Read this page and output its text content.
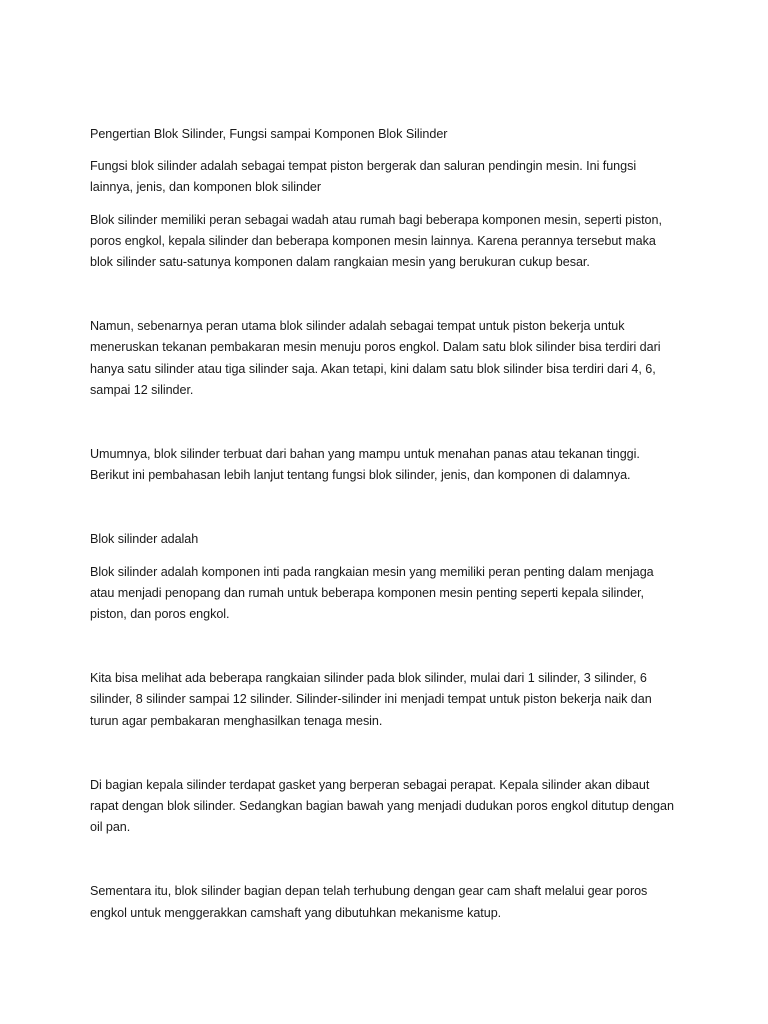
Pengertian Blok Silinder, Fungsi sampai Komponen Blok Silinder

Fungsi blok silinder adalah sebagai tempat piston bergerak dan saluran pendingin mesin. Ini fungsi lainnya, jenis, dan komponen blok silinder

Blok silinder memiliki peran sebagai wadah atau rumah bagi beberapa komponen mesin, seperti piston, poros engkol, kepala silinder dan beberapa komponen mesin lainnya. Karena perannya tersebut maka blok silinder satu-satunya komponen dalam rangkaian mesin yang berukuran cukup besar.

Namun, sebenarnya peran utama blok silinder adalah sebagai tempat untuk piston bekerja untuk meneruskan tekanan pembakaran mesin menuju poros engkol. Dalam satu blok silinder bisa terdiri dari hanya satu silinder atau tiga silinder saja. Akan tetapi, kini dalam satu blok silinder bisa terdiri dari 4, 6, sampai 12 silinder.

Umumnya, blok silinder terbuat dari bahan yang mampu untuk menahan panas atau tekanan tinggi. Berikut ini pembahasan lebih lanjut tentang fungsi blok silinder, jenis, dan komponen di dalamnya.

Blok silinder adalah

Blok silinder adalah komponen inti pada rangkaian mesin yang memiliki peran penting dalam menjaga atau menjadi penopang dan rumah untuk beberapa komponen mesin penting seperti kepala silinder, piston, dan poros engkol.

Kita bisa melihat ada beberapa rangkaian silinder pada blok silinder, mulai dari 1 silinder, 3 silinder, 6 silinder, 8 silinder sampai 12 silinder. Silinder-silinder ini menjadi tempat untuk piston bekerja naik dan turun agar pembakaran menghasilkan tenaga mesin.

Di bagian kepala silinder terdapat gasket yang berperan sebagai perapat. Kepala silinder akan dibaut rapat dengan blok silinder. Sedangkan bagian bawah yang menjadi dudukan poros engkol ditutup dengan oil pan.

Sementara itu, blok silinder bagian depan telah terhubung dengan gear cam shaft melalui gear poros engkol untuk menggerakkan camshaft yang dibutuhkan mekanisme katup.
